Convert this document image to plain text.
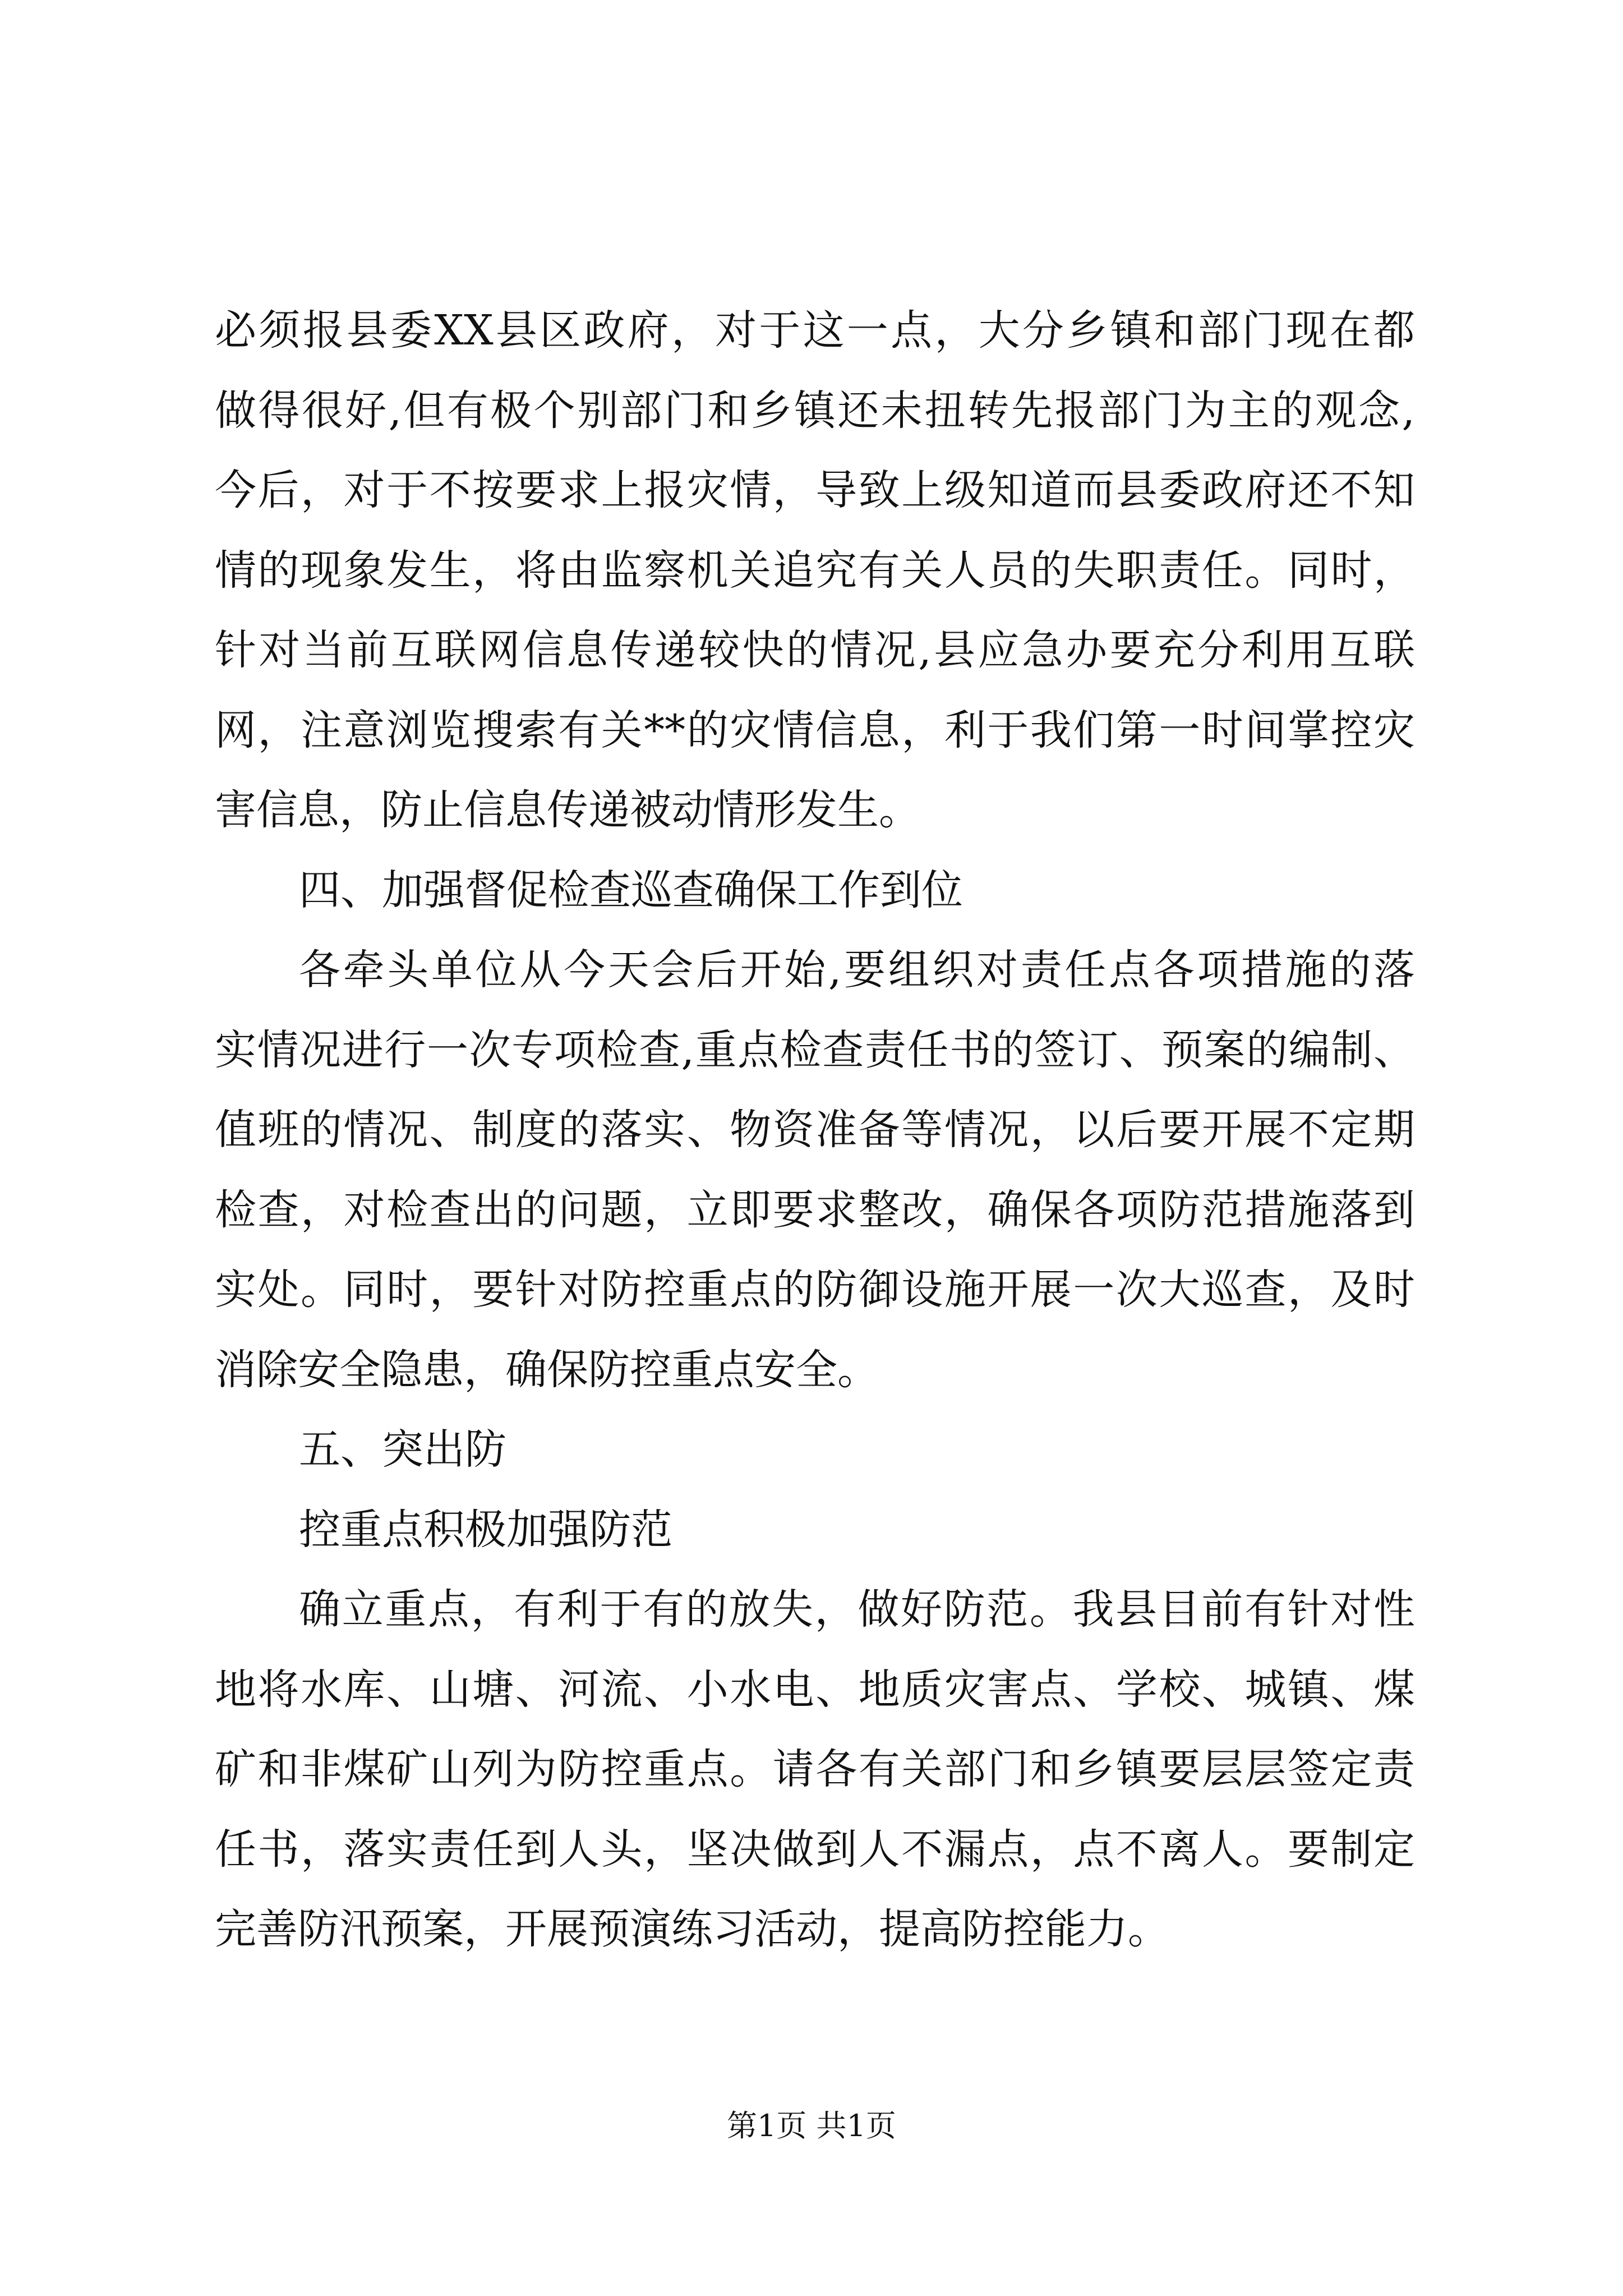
必须报县委XX县区政府，对于这一点，大分乡镇和部门现在都
做得很好,但有极个别部门和乡镇还未扭转先报部门为主的观念,
今后，对于不按要求上报灾情，导致上级知道而县委政府还不知
情的现象发生，将由监察机关追究有关人员的失职责任。同时，
针对当前互联网信息传递较快的情况,县应急办要充分利用互联
网，注意浏览搜索有关**的灾情信息，利于我们第一时间掌控灾
害信息，防止信息传递被动情形发生。
四、加强督促检查巡查确保工作到位
各牵头单位从今天会后开始,要组织对责任点各项措施的落
实情况进行一次专项检查,重点检查责任书的签订、预案的编制、
值班的情况、制度的落实、物资准备等情况，以后要开展不定期
检查，对检查出的问题，立即要求整改，确保各项防范措施落到
实处。同时，要针对防控重点的防御设施开展一次大巡查，及时
消除安全隐患，确保防控重点安全。
五、突出防
控重点积极加强防范
确立重点，有利于有的放失，做好防范。我县目前有针对性
地将水库、山塘、河流、小水电、地质灾害点、学校、城镇、煤
矿和非煤矿山列为防控重点。请各有关部门和乡镇要层层签定责
任书，落实责任到人头，坚决做到人不漏点，点不离人。要制定
完善防汛预案，开展预演练习活动，提高防控能力。
第1页 共1页
